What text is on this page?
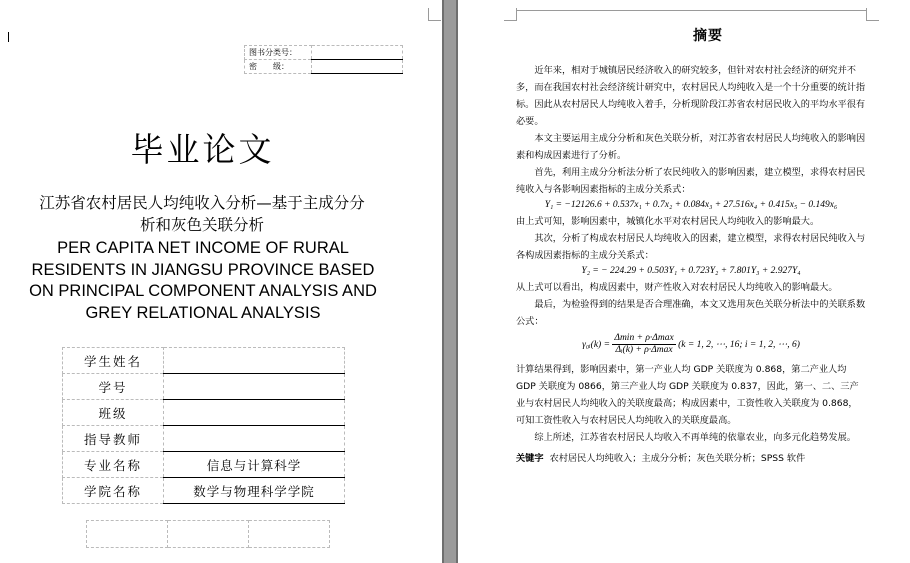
图书分类号：	
密　　级：	
毕业论文
江苏省农村居民人均纯收入分析—基于主成分分
析和灰色关联分析
PER CAPITA NET INCOME OF RURAL
RESIDENTS IN JIANGSU PROVINCE BASED
ON PRINCIPAL COMPONENT ANALYSIS AND
GREY RELATIONAL ANALYSIS
学生姓名	
学号	
班级	
指导教师	
专业名称	信息与计算科学
学院名称	数学与物理科学学院

摘要

近年来，相对于城镇居民经济收入的研究较多，但针对农村社会经济的研究并不多，而在我国农村社会经济统计研究中，农村居民人均纯收入是一个十分重要的统计指标。因此从农村居民人均纯收入着手，分析现阶段江苏省农村居民收入的平均水平很有必要。

本文主要运用主成分分析和灰色关联分析，对江苏省农村居民人均纯收入的影响因素和构成因素进行了分析。

首先，利用主成分分析法分析了农民纯收入的影响因素，建立模型，求得农村居民纯收入与各影响因素指标的主成分关系式：

Y₁ = −12126.6 + 0.537x₁ + 0.7x₂ + 0.084x₃ + 27.516x₄ + 0.415x₅ − 0.149x₆

由上式可知，影响因素中，城镇化水平对农村居民人均纯收入的影响最大。

其次，分析了构成农村居民人均纯收入的因素，建立模型，求得农村居民纯收入与各构成因素指标的主成分关系式：

Y₂ = − 224.29 + 0.503Y₁ + 0.723Y₂ + 7.801Y₃ + 2.927Y₄

从上式可以看出，构成因素中，财产性收入对农村居民人均纯收入的影响最大。

最后，为检验得到的结果是否合理准确，本文又选用灰色关联分析法中的关联系数公式：

γ₀ᵢ(k) = $\frac{\Delta\min + \rho\cdot\Delta\max}{\text{Δᵢ(k) + ρ·Δmax}} (k = 1$, 2, ⋯, 16; i = 1, 2, ⋯, 6)

计算结果得到，影响因素中，第一产业人均 GDP 关联度为 0.868，第二产业人均 GDP 关联度为 0866，第三产业人均 GDP 关联度为 0.837，因此，第一、二、三产业与农村居民人均纯收入的关联度最高；构成因素中，工资性收入关联度为 0.868，可知工资性收入与农村居民人均纯收入的关联度最高。

综上所述，江苏省农村居民人均收入不再单纯的依靠农业，向多元化趋势发展。

关键字 农村居民人均纯收入；主成分分析；灰色关联分析；SPSS 软件
